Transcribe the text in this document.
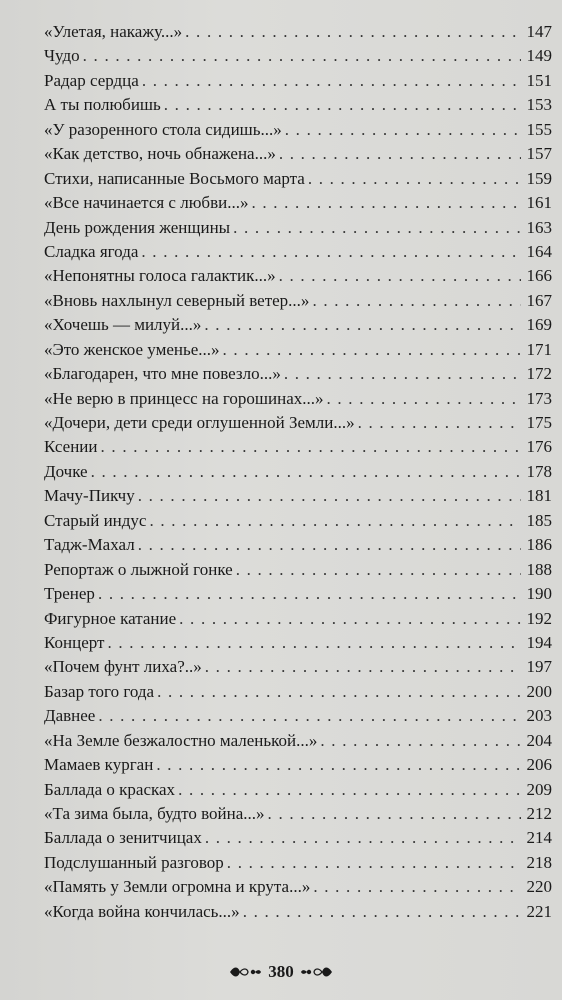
«Улетая, накажу...» . . .	147
Чудо . . .	149
Радар сердца . . .	151
А ты полюбишь . . .	153
«У разоренного стола сидишь...» . . .	155
«Как детство, ночь обнажена...» . . .	157
Стихи, написанные Восьмого марта . . .	159
«Все начинается с любви...» . . .	161
День рождения женщины . . .	163
Сладка ягода . . .	164
«Непонятны голоса галактик...» . . .	166
«Вновь нахлынул северный ветер...» . . .	167
«Хочешь — милуй...» . . .	169
«Это женское уменье...» . . .	171
«Благодарен, что мне повезло...» . . .	172
«Не верю в принцесс на горошинах...» . . .	173
«Дочери, дети среди оглушенной Земли...» . . .	175
Ксении . . .	176
Дочке . . .	178
Мачу-Пикчу . . .	181
Старый индус . . .	185
Тадж-Махал . . .	186
Репортаж о лыжной гонке . . .	188
Тренер . . .	190
Фигурное катание . . .	192
Концерт . . .	194
«Почем фунт лиха?..» . . .	197
Базар того года . . .	200
Давнее . . .	203
«На Земле безжалостно маленькой...» . . .	204
Мамаев курган . . .	206
Баллада о красках . . .	209
«Та зима была, будто война...» . . .	212
Баллада о зенитчицах . . .	214
Подслушанный разговор . . .	218
«Память у Земли огромна и крута...» . . .	220
«Когда война кончилась...» . . .	221
380
